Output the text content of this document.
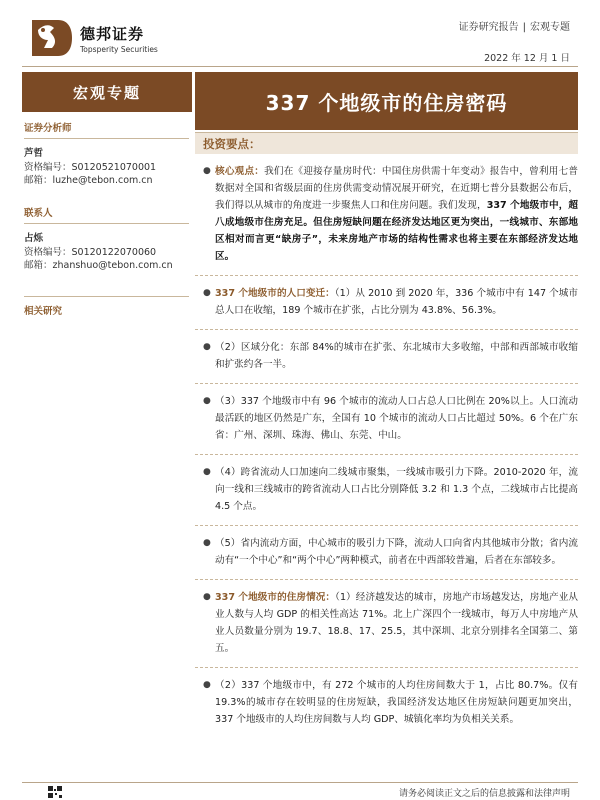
德邦证券
Topsperity Securities
证券研究报告 | 宏观专题
2022 年 12 月 1 日
宏观专题	337 个地级市的住房密码
证券分析师
芦哲
资格编号：S0120521070001
邮箱：luzhe@tebon.com.cn
联系人
占烁
资格编号：S0120122070060
邮箱：zhanshuo@tebon.com.cn
相关研究
投资要点：
● 核心观点：我们在《迎接存量房时代：中国住房供需十年变动》报告中，曾利用七普数据对全国和省级层面的住房供需变动情况展开研究，在近期七普分县数据公布后，我们得以从城市的角度进一步聚焦人口和住房问题。我们发现，337 个地级市中，超八成地级市住房充足。但住房短缺问题在经济发达地区更为突出，一线城市、东部地区相对而言更“缺房子”，未来房地产市场的结构性需求也将主要在东部经济发达地区。
● 337 个地级市的人口变迁：（1）从 2010 到 2020 年，336 个城市中有 147 个城市总人口在收缩，189 个城市在扩张，占比分别为 43.8%、56.3%。
● （2）区域分化：东部 84%的城市在扩张、东北城市大多收缩，中部和西部城市收缩和扩张约各一半。
● （3）337 个地级市中有 96 个城市的流动人口占总人口比例在 20%以上。人口流动最活跃的地区仍然是广东，全国有 10 个城市的流动人口占比超过 50%。6 个在广东省：广州、深圳、珠海、佛山、东莞、中山。
● （4）跨省流动人口加速向二线城市聚集，一线城市吸引力下降。2010-2020 年，流向一线和三线城市的跨省流动人口占比分别降低 3.2 和 1.3 个点，二线城市占比提高 4.5 个点。
● （5）省内流动方面，中心城市的吸引力下降，流动人口向省内其他城市分散；省内流动有“一个中心”和“两个中心”两种模式，前者在中西部较普遍，后者在东部较多。
● 337 个地级市的住房情况：（1）经济越发达的城市，房地产市场越发达，房地产业从业人数与人均 GDP 的相关性高达 71%。北上广深四个一线城市，每万人中房地产从业人员数量分别为 19.7、18.8、17、25.5，其中深圳、北京分别排名全国第二、第五。
● （2）337 个地级市中，有 272 个城市的人均住房间数大于 1，占比 80.7%。仅有 19.3%的城市存在较明显的住房短缺，我国经济发达地区住房短缺问题更加突出，337 个地级市的人均住房间数与人均 GDP、城镇化率均为负相关关系。
请务必阅读正文之后的信息披露和法律声明
